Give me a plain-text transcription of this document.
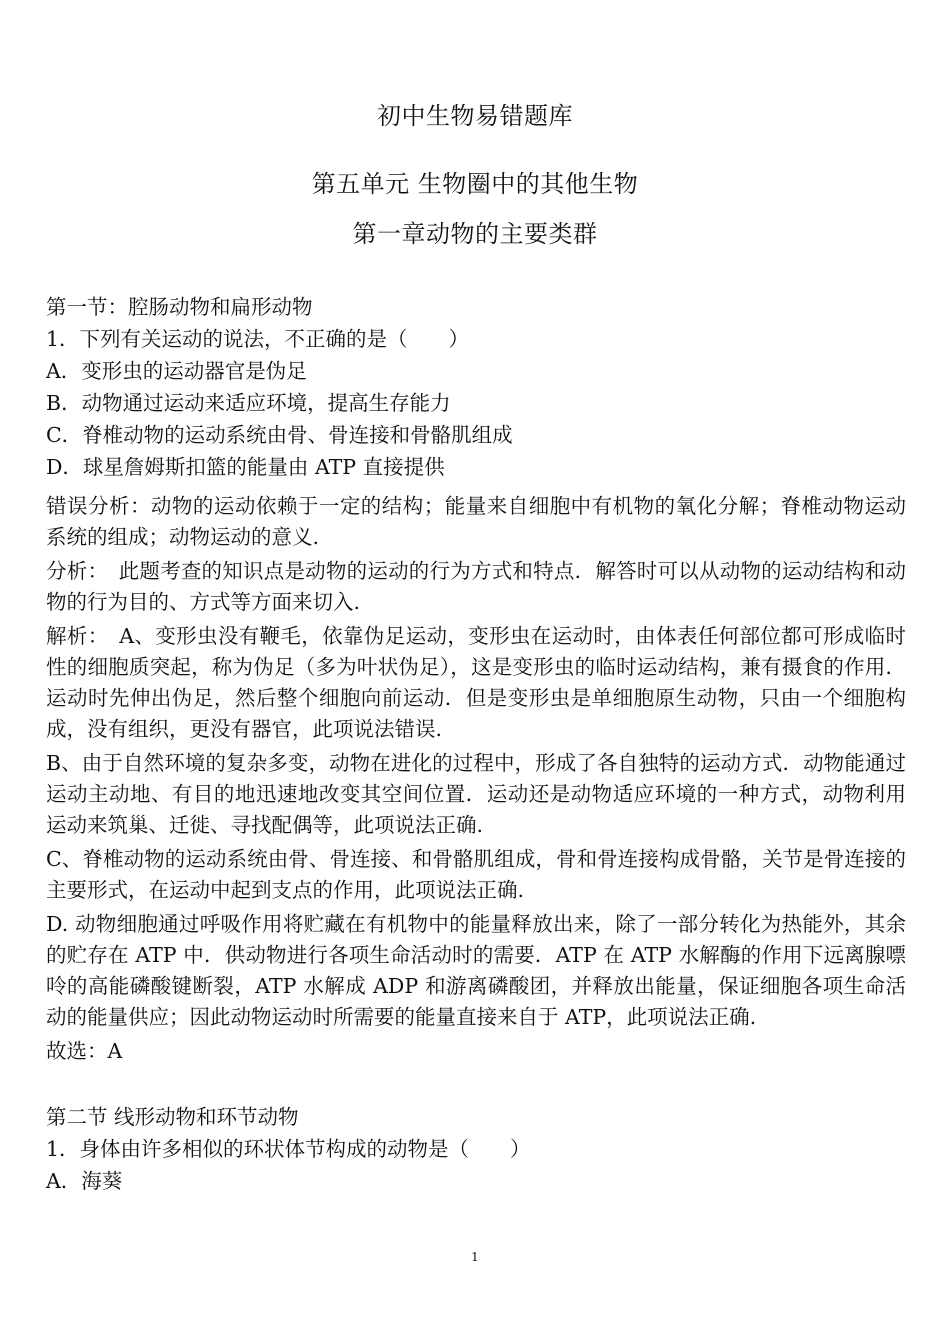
初中生物易错题库
第五单元 生物圈中的其他生物
第一章动物的主要类群
第一节：腔肠动物和扁形动物
1．下列有关运动的说法，不正确的是（　　）
A．变形虫的运动器官是伪足
B．动物通过运动来适应环境，提高生存能力
C．脊椎动物的运动系统由骨、骨连接和骨骼肌组成
D．球星詹姆斯扣篮的能量由 ATP 直接提供

错误分析：动物的运动依赖于一定的结构；能量来自细胞中有机物的氧化分解；脊椎动物运动系统的组成；动物运动的意义.

分析：　此题考查的知识点是动物的运动的行为方式和特点．解答时可以从动物的运动结构和动物的行为目的、方式等方面来切入.

解析：　A、变形虫没有鞭毛，依靠伪足运动，变形虫在运动时，由体表任何部位都可形成临时性的细胞质突起，称为伪足（多为叶状伪足），这是变形虫的临时运动结构，兼有摄食的作用．运动时先伸出伪足，然后整个细胞向前运动．但是变形虫是单细胞原生动物，只由一个细胞构成，没有组织，更没有器官，此项说法错误.

B、由于自然环境的复杂多变，动物在进化的过程中，形成了各自独特的运动方式．动物能通过运动主动地、有目的地迅速地改变其空间位置．运动还是动物适应环境的一种方式，动物利用运动来筑巢、迁徙、寻找配偶等，此项说法正确.

C、脊椎动物的运动系统由骨、骨连接、和骨骼肌组成，骨和骨连接构成骨骼，关节是骨连接的主要形式，在运动中起到支点的作用，此项说法正确.

D. 动物细胞通过呼吸作用将贮藏在有机物中的能量释放出来，除了一部分转化为热能外，其余的贮存在 ATP 中．供动物进行各项生命活动时的需要．ATP 在 ATP 水解酶的作用下远离腺嘌呤的高能磷酸键断裂，ATP 水解成 ADP 和游离磷酸团，并释放出能量，保证细胞各项生命活动的能量供应；因此动物运动时所需要的能量直接来自于 ATP，此项说法正确.

故选：A

第二节 线形动物和环节动物
1．身体由许多相似的环状体节构成的动物是（　　）
A．海葵
1
